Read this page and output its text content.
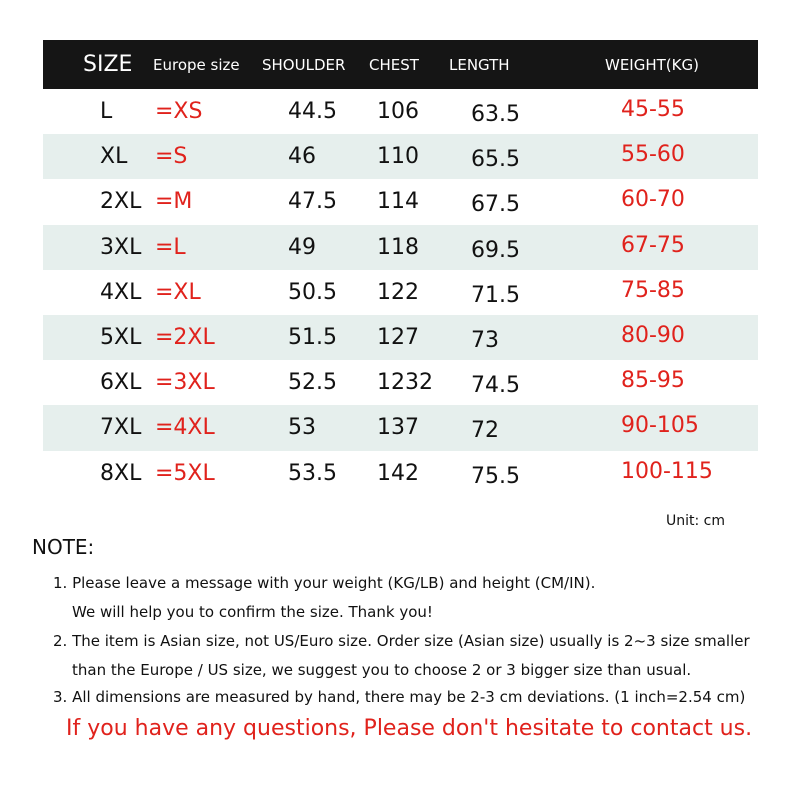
SIZE Europe size SHOULDER CHEST LENGTH	WEIGHT(KG)
L =XS	44.5 106 63.5	45-55
XL =S	46	110 65.5	55-60
2XL =M	47.5 114 67.5	60-70
3XL =L	49	118 69.5	67-75
4XL =XL	50.5 122 71.5	75-85
5XL =2XL	51.5 127 73	80-90
6XL =3XL	52.5 1232 74.5	85-95
7XL =4XL	53	137 72	90-105
8XL =5XL	53.5 142 75.5	100-115
Unit: cm
NOTE:
1. Please leave a message with your weight (KG/LB) and height (CM/IN).
We will help you to confirm the size. Thank you!
2. The item is Asian size, not US/Euro size. Order size (Asian size) usually is 2~3 size smaller
than the Europe / US size, we suggest you to choose 2 or 3 bigger size than usual.
3. All dimensions are measured by hand, there may be 2-3 cm deviations. (1 inch=2.54 cm)
If you have any questions, Please don't hesitate to contact us.
